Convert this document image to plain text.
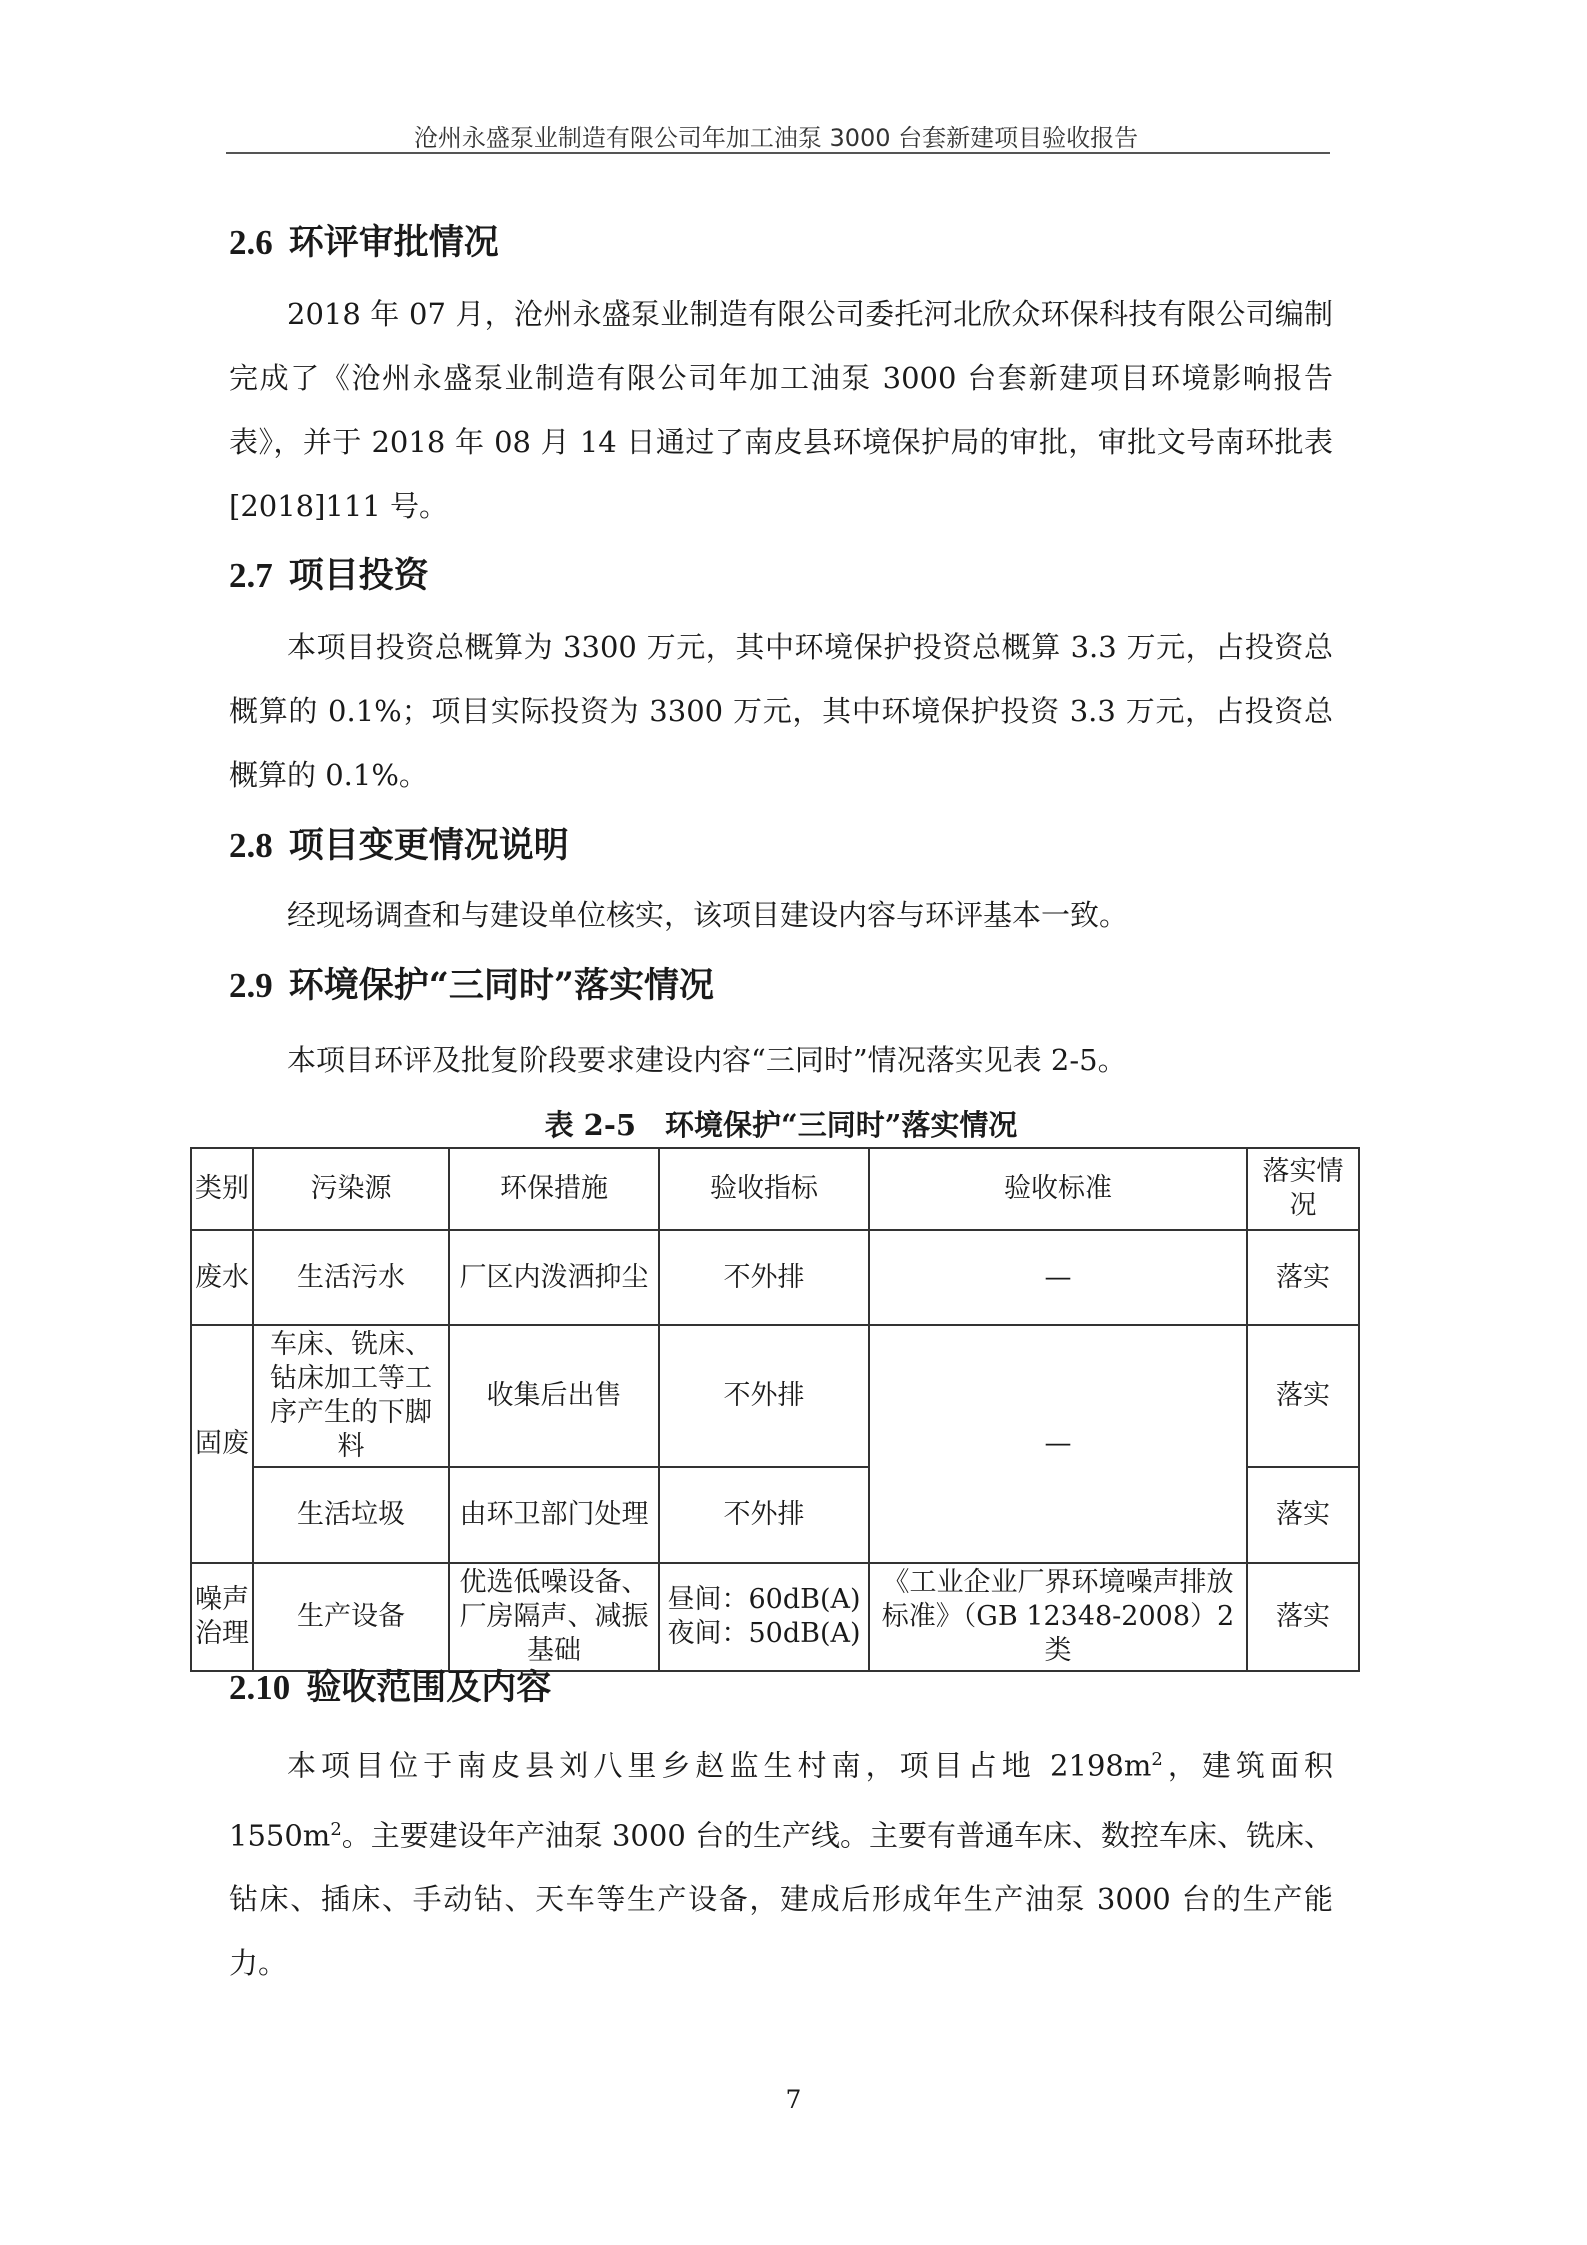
沧州永盛泵业制造有限公司年加工油泵 3000 台套新建项目验收报告
2.6 环评审批情况

2018 年 07 月，沧州永盛泵业制造有限公司委托河北欣众环保科技有限公司编制完成了《沧州永盛泵业制造有限公司年加工油泵 3000 台套新建项目环境影响报告表》，并于 2018 年 08 月 14 日通过了南皮县环境保护局的审批，审批文号南环批表[2018]111 号。

2.7 项目投资

本项目投资总概算为 3300 万元，其中环境保护投资总概算 3.3 万元，占投资总概算的 0.1%；项目实际投资为 3300 万元，其中环境保护投资 3.3 万元，占投资总概算的 0.1%。

2.8 项目变更情况说明

经现场调查和与建设单位核实，该项目建设内容与环评基本一致。

2.9 环境保护“三同时”落实情况

本项目环评及批复阶段要求建设内容“三同时”情况落实见表 2-5。

表 2-5　环境保护“三同时”落实情况
类别	污染源	环保措施	验收指标	验收标准	落实情况
废水	生活污水	厂区内泼洒抑尘	不外排	—	落实
固废	车床、铣床、钻床加工等工序产生的下脚料	收集后出售	不外排	—	落实
	生活垃圾	由环卫部门处理	不外排		落实
噪声治理	生产设备	优选低噪设备、厂房隔声、减振基础	昼间：60dB(A) 夜间：50dB(A)	《工业企业厂界环境噪声排放标准》（GB 12348-2008）2 类	落实
2.10 验收范围及内容

本项目位于南皮县刘八里乡赵监生村南，项目占地 $2198m^2$，建筑面积 $1550m^2$。主要建设年产油泵 3000 台的生产线。主要有普通车床、数控车床、铣床、钻床、插床、手动钻、天车等生产设备，建成后形成年生产油泵 3000 台的生产能力。

7
